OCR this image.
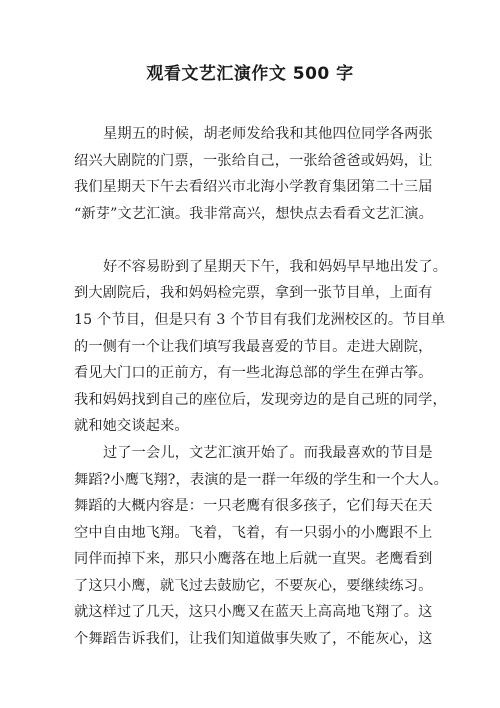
观看文艺汇演作文 500 字
星期五的时候，胡老师发给我和其他四位同学各两张
绍兴大剧院的门票，一张给自己，一张给爸爸或妈妈，让
我们星期天下午去看绍兴市北海小学教育集团第二十三届
“新芽”文艺汇演。我非常高兴，想快点去看看文艺汇演。
好不容易盼到了星期天下午，我和妈妈早早地出发了。
到大剧院后，我和妈妈检完票，拿到一张节目单，上面有
15 个节目，但是只有 3 个节目有我们龙洲校区的。节目单
的一侧有一个让我们填写我最喜爱的节目。走进大剧院，
看见大门口的正前方，有一些北海总部的学生在弹古筝。
我和妈妈找到自己的座位后，发现旁边的是自己班的同学，
就和她交谈起来。
过了一会儿，文艺汇演开始了。而我最喜欢的节目是
舞蹈?小鹰飞翔?，表演的是一群一年级的学生和一个大人。
舞蹈的大概内容是：一只老鹰有很多孩子，它们每天在天
空中自由地飞翔。飞着，飞着，有一只弱小的小鹰跟不上
同伴而掉下来，那只小鹰落在地上后就一直哭。老鹰看到
了这只小鹰，就飞过去鼓励它，不要灰心，要继续练习。
就这样过了几天，这只小鹰又在蓝天上高高地飞翔了。这
个舞蹈告诉我们，让我们知道做事失败了，不能灰心，这
